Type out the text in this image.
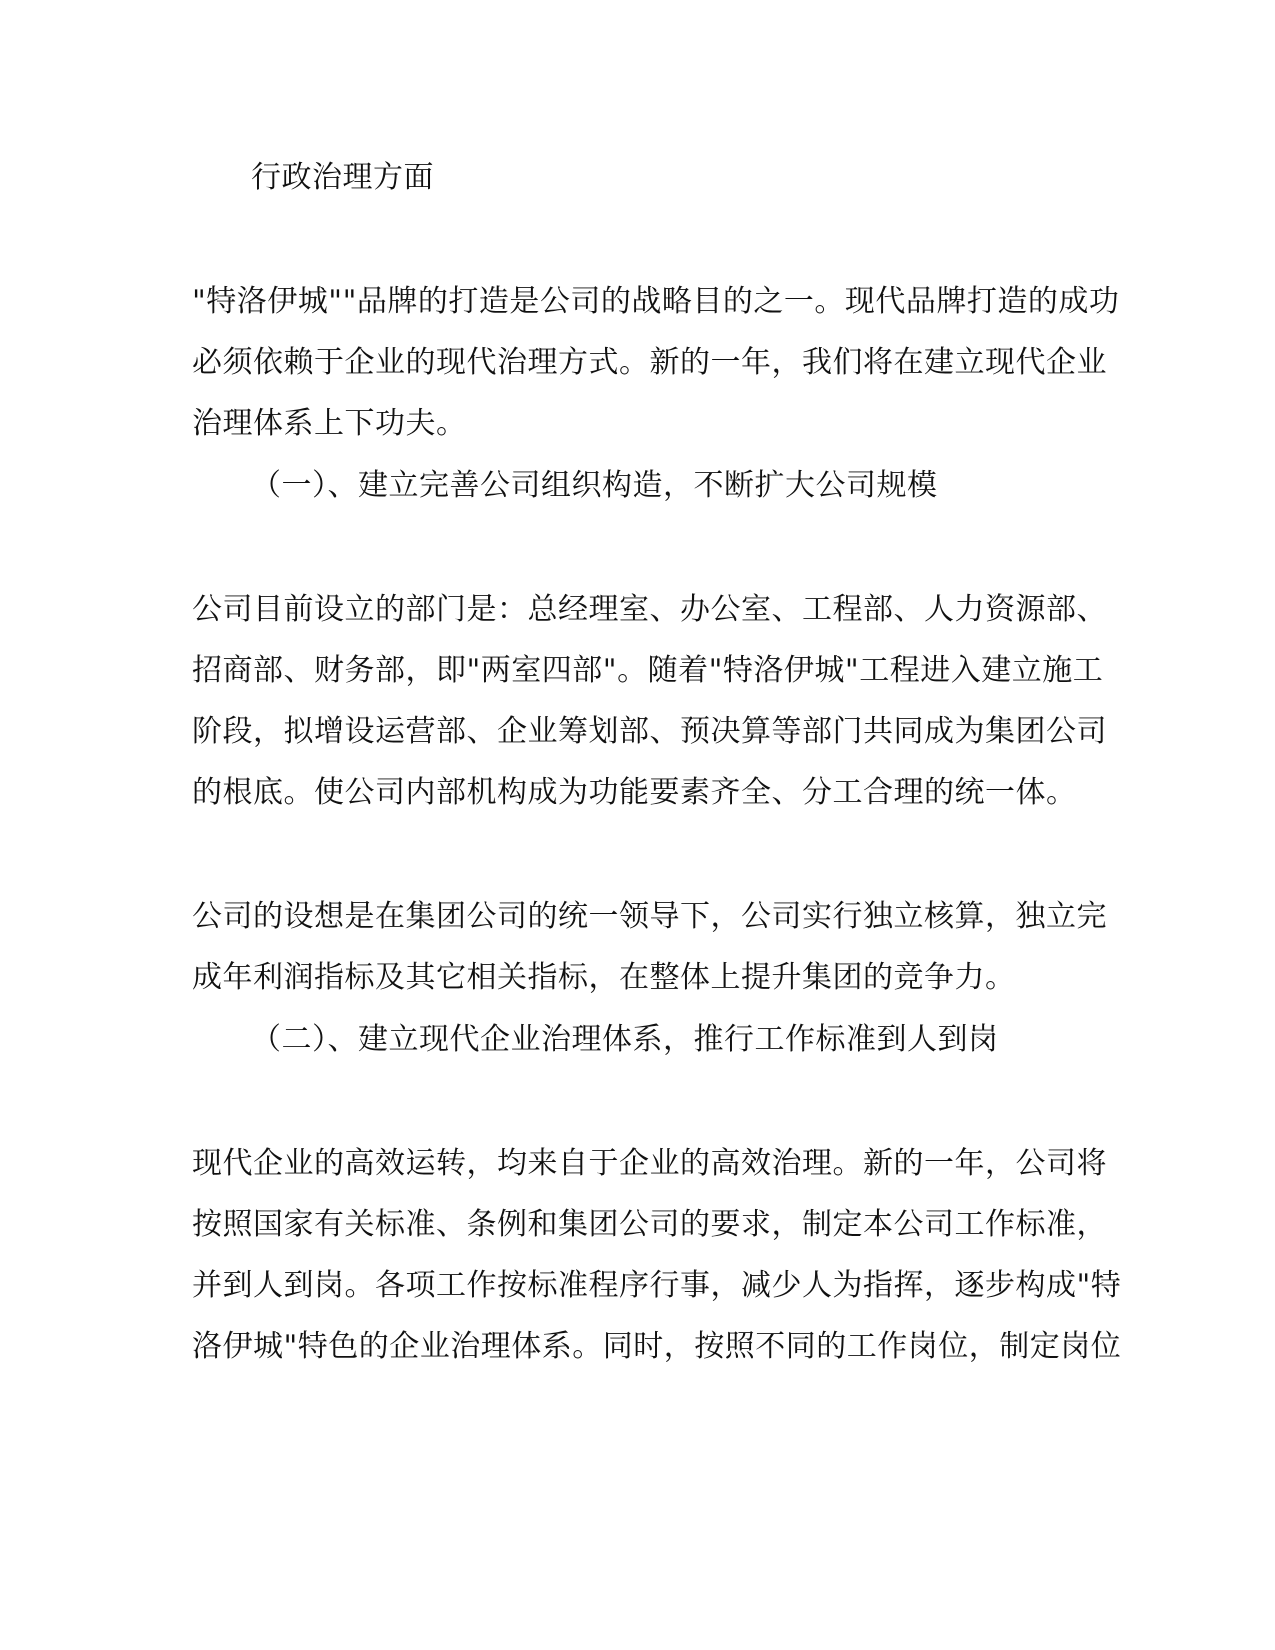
行政治理方面

"特洛伊城""品牌的打造是公司的战略目的之一。现代品牌打造的成功

必须依赖于企业的现代治理方式。新的一年，我们将在建立现代企业

治理体系上下功夫。

（一）、建立完善公司组织构造，不断扩大公司规模

公司目前设立的部门是：总经理室、办公室、工程部、人力资源部、

招商部、财务部，即"两室四部"。随着"特洛伊城"工程进入建立施工

阶段，拟增设运营部、企业筹划部、预决算等部门共同成为集团公司

的根底。使公司内部机构成为功能要素齐全、分工合理的统一体。

公司的设想是在集团公司的统一领导下，公司实行独立核算，独立完

成年利润指标及其它相关指标，在整体上提升集团的竞争力。

（二）、建立现代企业治理体系，推行工作标准到人到岗

现代企业的高效运转，均来自于企业的高效治理。新的一年，公司将

按照国家有关标准、条例和集团公司的要求，制定本公司工作标准，

并到人到岗。各项工作按标准程序行事，减少人为指挥，逐步构成"特

洛伊城"特色的企业治理体系。同时，按照不同的工作岗位，制定岗位
